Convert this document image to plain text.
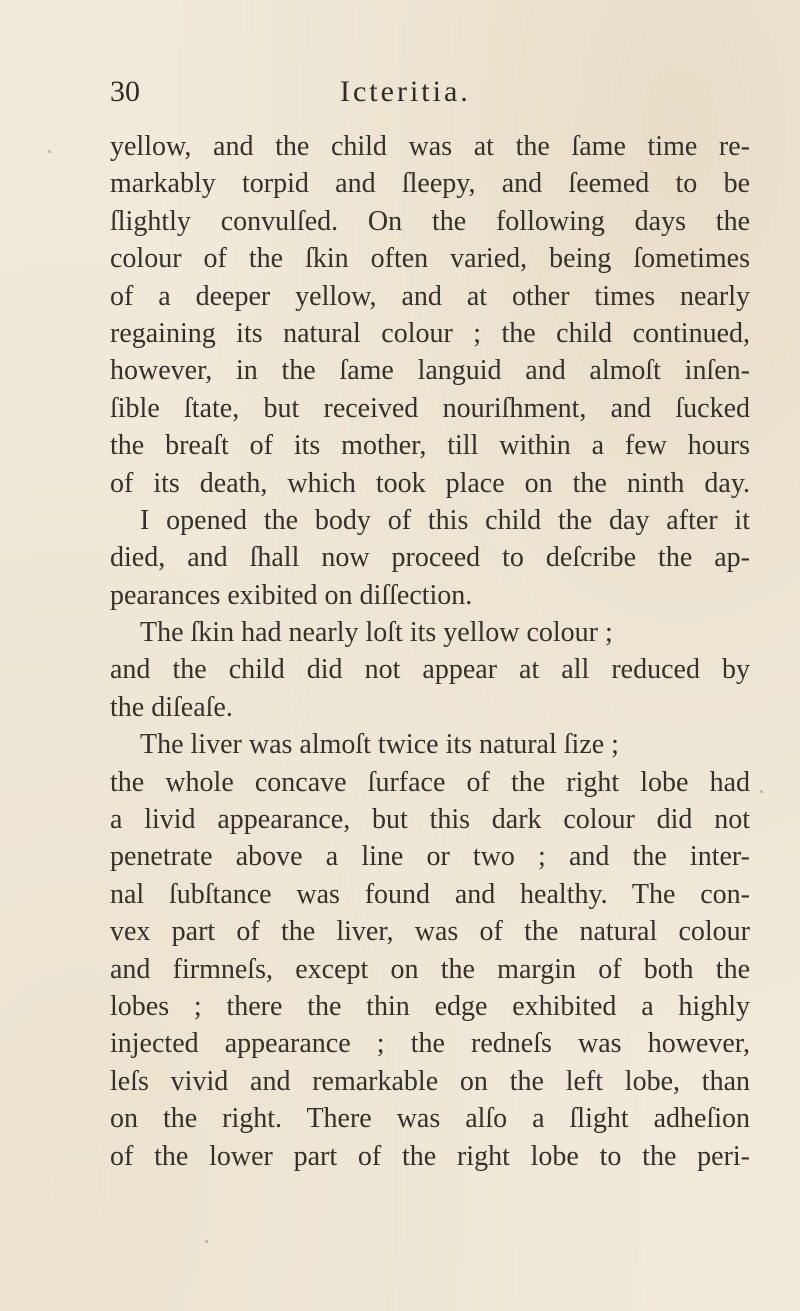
30	Icteritia.
yellow, and the child was at the ſame time re-
markably torpid and ſleepy, and ſeemed to be
ſlightly convulſed. On the following days the
colour of the ſkin often varied, being ſometimes
of a deeper yellow, and at other times nearly
regaining its natural colour ; the child continued,
however, in the ſame languid and almoſt inſen-
ſible ſtate, but received nouriſhment, and ſucked
the breaſt of its mother, till within a few hours
of its death, which took place on the ninth day.
I opened the body of this child the day after it
died, and ſhall now proceed to deſcribe the ap-
pearances exibited on diſſection.
The ſkin had nearly loſt its yellow colour ;
and the child did not appear at all reduced by
the diſeaſe.
The liver was almoſt twice its natural ſize ;
the whole concave ſurface of the right lobe had
a livid appearance, but this dark colour did not
penetrate above a line or two ; and the inter-
nal ſubſtance was found and healthy. The con-
vex part of the liver, was of the natural colour
and firmneſs, except on the margin of both the
lobes ; there the thin edge exhibited a highly
injected appearance ; the redneſs was however,
leſs vivid and remarkable on the left lobe, than
on the right. There was alſo a ſlight adheſion
of the lower part of the right lobe to the peri-
